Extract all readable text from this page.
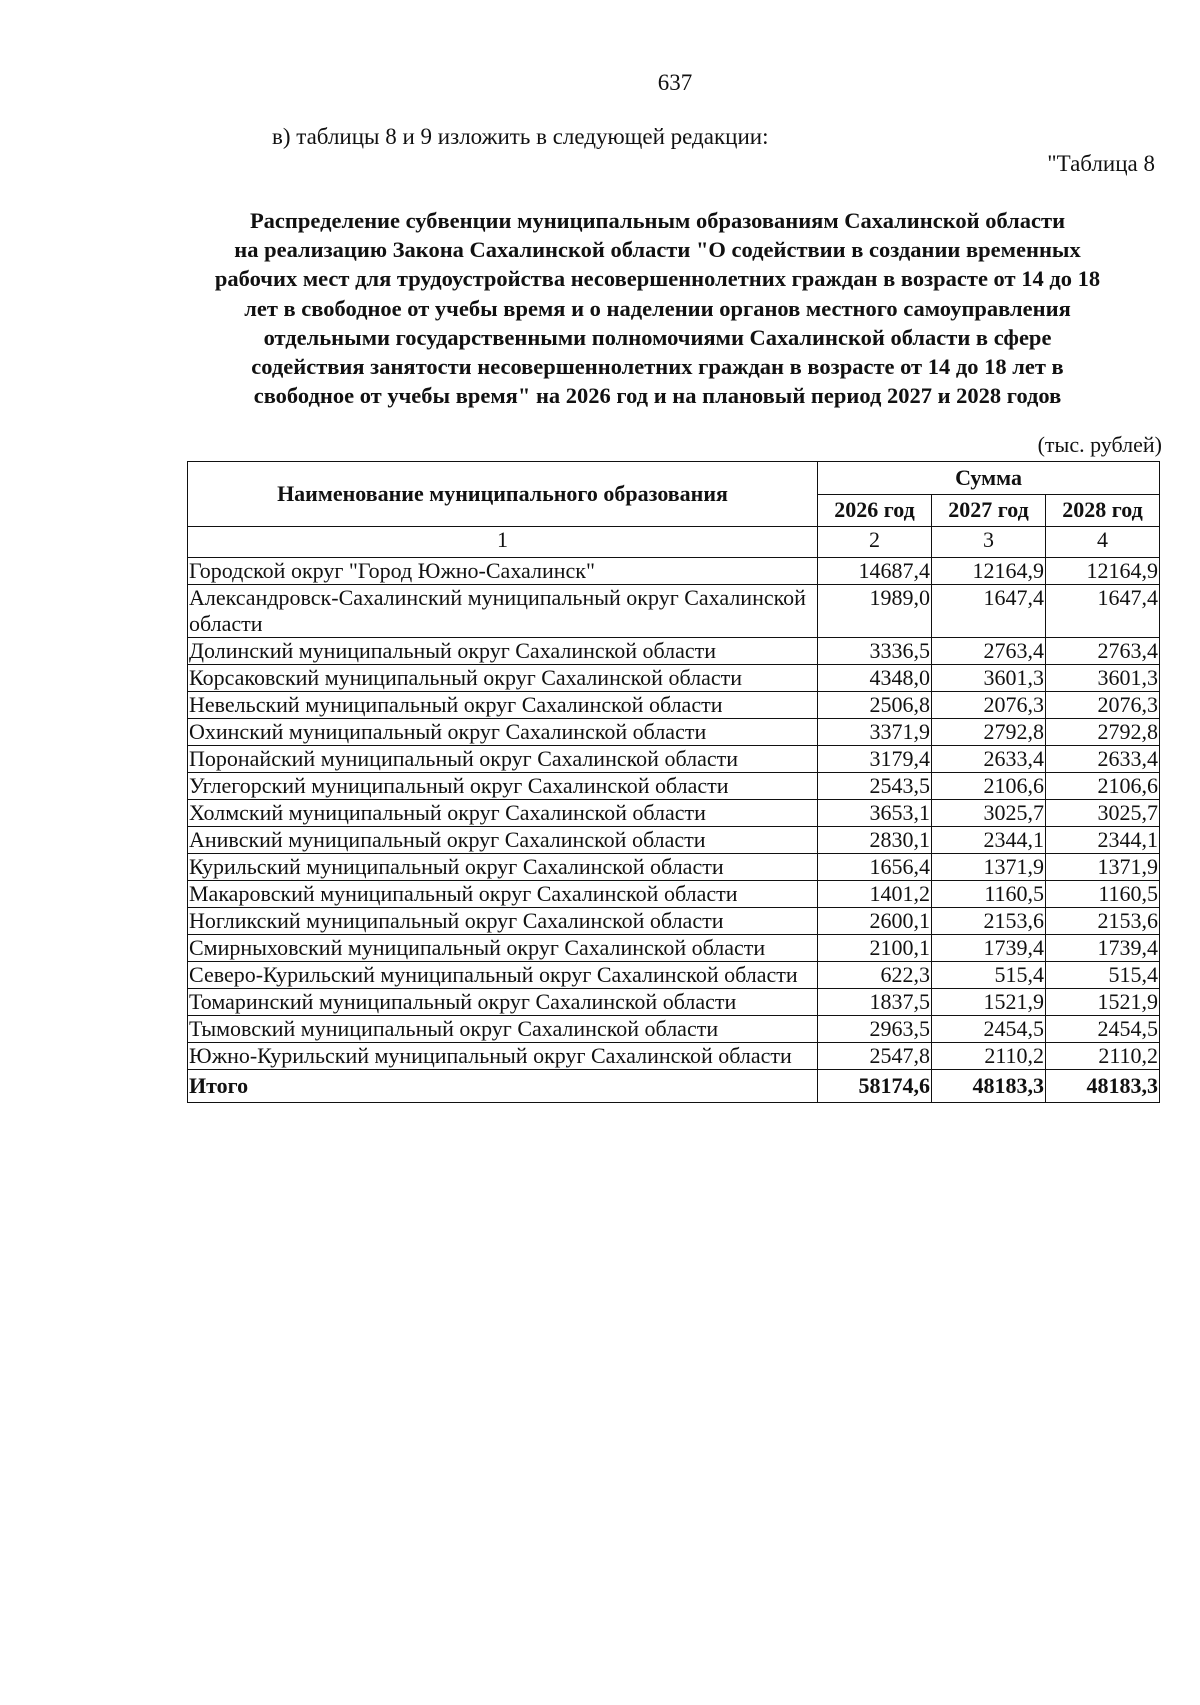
637
в) таблицы 8 и 9 изложить в следующей редакции:
"Таблица 8
Распределение субвенции муниципальным образованиям Сахалинской области
на реализацию Закона Сахалинской области "О содействии в создании временных
рабочих мест для трудоустройства несовершеннолетних граждан в возрасте от 14 до 18
лет в свободное от учебы время и о наделении органов местного самоуправления
отдельными государственными полномочиями Сахалинской области в сфере
содействия занятости несовершеннолетних граждан в возрасте от 14 до 18 лет в
свободное от учебы время" на 2026 год и на плановый период 2027 и 2028 годов
(тыс. рублей)
Наименование муниципального образования	Сумма		
	2026 год	2027 год	2028 год
1	2	3	4
Городской округ "Город Южно-Сахалинск"	14687,4	12164,9	12164,9
Александровск-Сахалинский муниципальный округ Сахалинской области	1989,0	1647,4	1647,4
Долинский муниципальный округ Сахалинской области	3336,5	2763,4	2763,4
Корсаковский муниципальный округ Сахалинской области	4348,0	3601,3	3601,3
Невельский муниципальный округ Сахалинской области	2506,8	2076,3	2076,3
Охинский муниципальный округ Сахалинской области	3371,9	2792,8	2792,8
Поронайский муниципальный округ Сахалинской области	3179,4	2633,4	2633,4
Углегорский муниципальный округ Сахалинской области	2543,5	2106,6	2106,6
Холмский муниципальный округ Сахалинской области	3653,1	3025,7	3025,7
Анивский муниципальный округ Сахалинской области	2830,1	2344,1	2344,1
Курильский муниципальный округ Сахалинской области	1656,4	1371,9	1371,9
Макаровский муниципальный округ Сахалинской области	1401,2	1160,5	1160,5
Ногликский муниципальный округ Сахалинской области	2600,1	2153,6	2153,6
Смирныховский муниципальный округ Сахалинской области	2100,1	1739,4	1739,4
Северо-Курильский муниципальный округ Сахалинской области	622,3	515,4	515,4
Томаринский муниципальный округ Сахалинской области	1837,5	1521,9	1521,9
Тымовский муниципальный округ Сахалинской области	2963,5	2454,5	2454,5
Южно-Курильский муниципальный округ Сахалинской области	2547,8	2110,2	2110,2
Итого	58174,6	48183,3	48183,3
